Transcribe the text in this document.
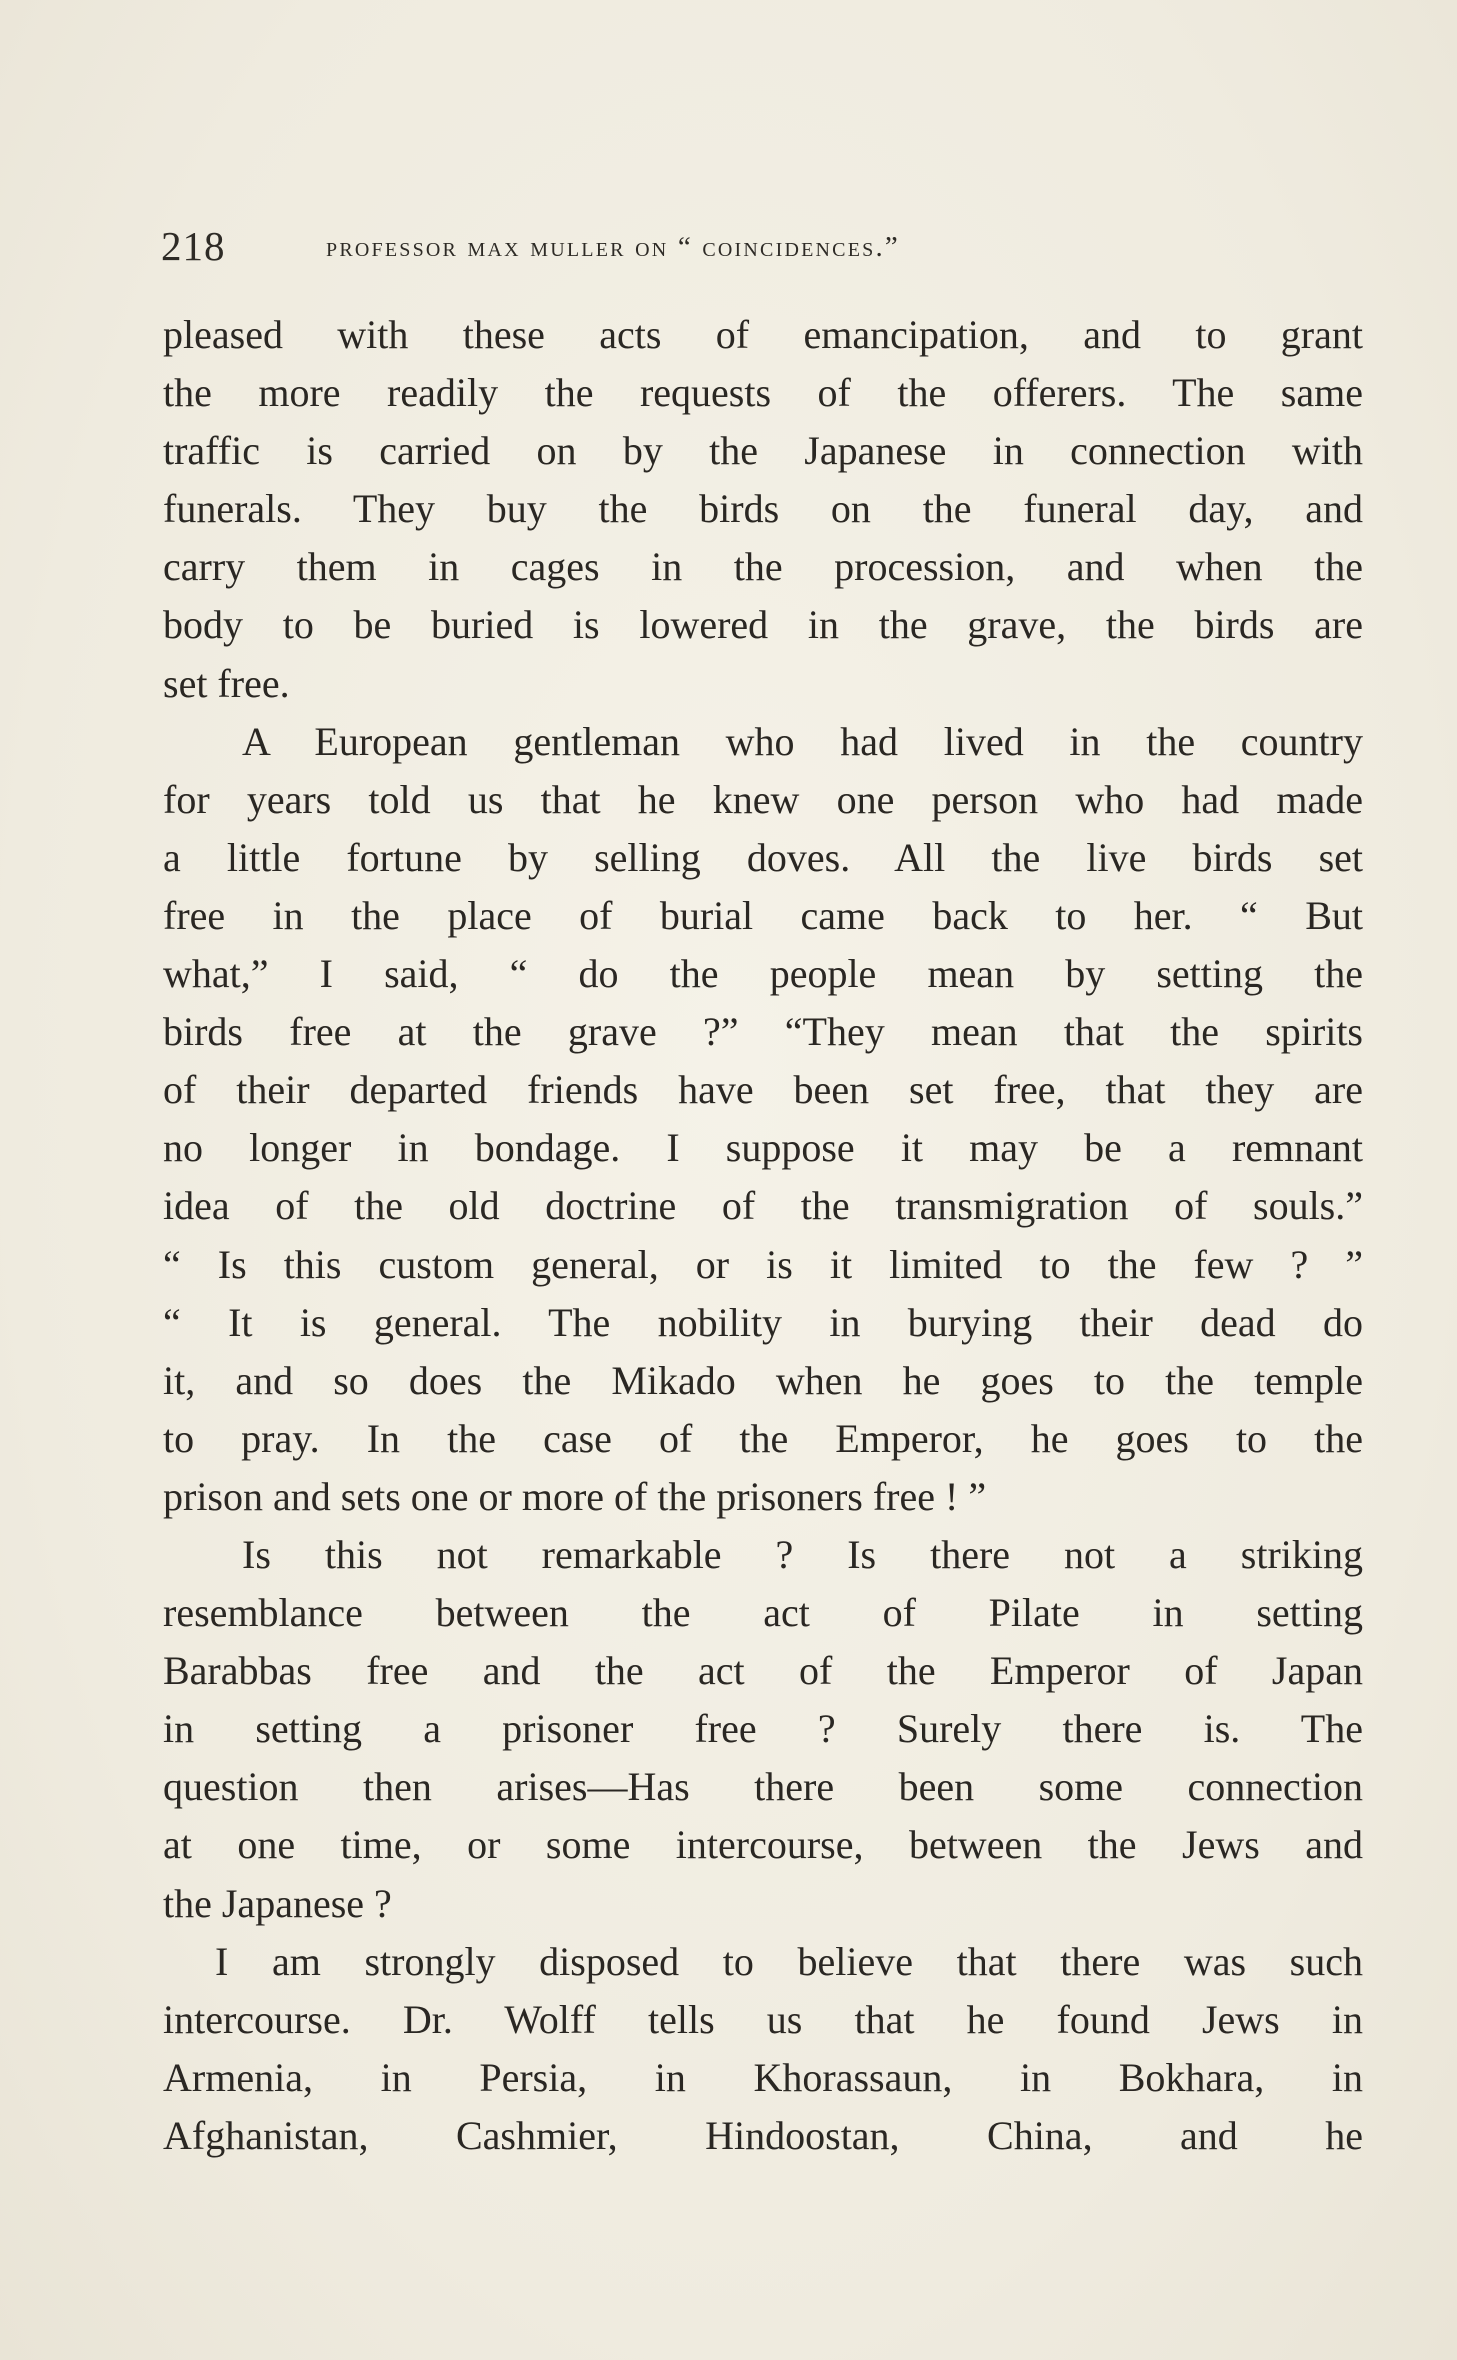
218	professor max muller on “ coincidences.”
pleased with these acts of emancipation, and to grant
the more readily the requests of the offerers. The same
traffic is carried on by the Japanese in connection with
funerals. They buy the birds on the funeral day, and
carry them in cages in the procession, and when the
body to be buried is lowered in the grave, the birds are
set free.
A European gentleman who had lived in the country
for years told us that he knew one person who had made
a little fortune by selling doves. All the live birds set
free in the place of burial came back to her. “ But
what,” I said, “ do the people mean by setting the
birds free at the grave ?” “They mean that the spirits
of their departed friends have been set free, that they are
no longer in bondage. I suppose it may be a remnant
idea of the old doctrine of the transmigration of souls.”
“ Is this custom general, or is it limited to the few ? ”
“ It is general. The nobility in burying their dead do
it, and so does the Mikado when he goes to the temple
to pray. In the case of the Emperor, he goes to the
prison and sets one or more of the prisoners free ! ”
Is this not remarkable ? Is there not a striking
resemblance between the act of Pilate in setting
Barabbas free and the act of the Emperor of Japan
in setting a prisoner free ? Surely there is. The
question then arises—Has there been some connection
at one time, or some intercourse, between the Jews and
the Japanese ?
I am strongly disposed to believe that there was such
intercourse. Dr. Wolff tells us that he found Jews in
Armenia, in Persia, in Khorassaun, in Bokhara, in
Afghanistan, Cashmier, Hindoostan, China, and he
